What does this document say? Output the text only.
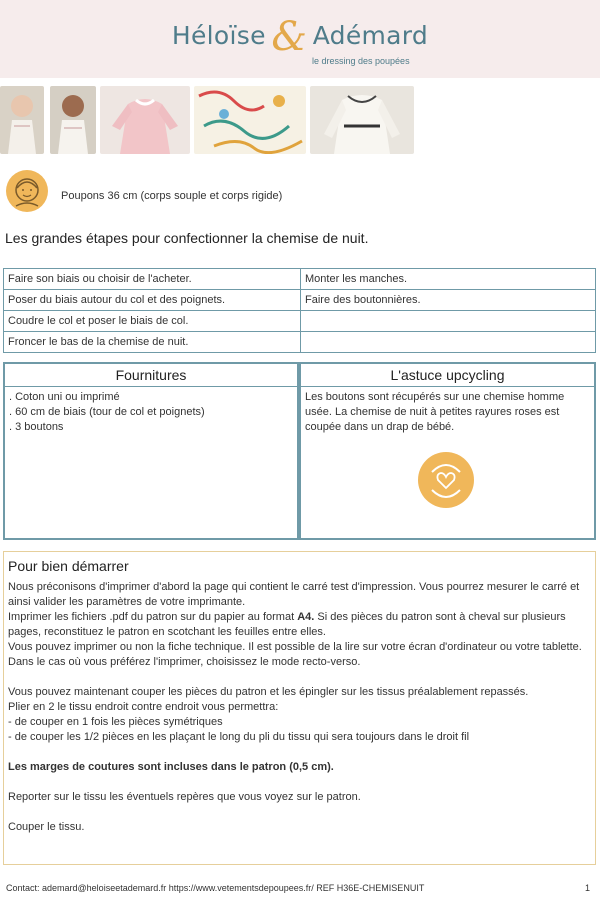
Héloïse & Adémard
le dressing des poupées
Poupons 36 cm (corps souple et corps rigide)
Les grandes étapes pour confectionner la chemise de nuit.
Faire son biais ou choisir de l'acheter.	Monter les manches.
Poser du biais autour du col et des poignets.	Faire des boutonnières.
Coudre le col et poser le biais de col.	
Froncer le bas de la chemise de nuit.	
Fournitures
. Coton uni ou imprimé
. 60 cm de biais (tour de col et poignets)
. 3 boutons
L'astuce upcycling
Les boutons sont récupérés sur une chemise homme usée. La chemise de nuit à petites rayures roses est coupée dans un drap de bébé.
Pour bien démarrer

Nous préconisons d'imprimer d'abord la page qui contient le carré test d'impression. Vous pourrez mesurer le carré et ainsi valider les paramètres de votre imprimante.

Imprimer les fichiers .pdf du patron sur du papier au format A4. Si des pièces du patron sont à cheval sur plusieurs pages, reconstituez le patron en scotchant les feuilles entre elles.

Vous pouvez imprimer ou non la fiche technique. Il est possible de la lire sur votre écran d'ordinateur ou votre tablette. Dans le cas où vous préférez l'imprimer, choisissez le mode recto-verso.

Vous pouvez maintenant couper les pièces du patron et les épingler sur les tissus préalablement repassés.

Plier en 2 le tissu endroit contre endroit vous permettra:

- de couper en 1 fois les pièces symétriques

- de couper les 1/2 pièces en les plaçant le long du pli du tissu qui sera toujours dans le droit fil

Les marges de coutures sont incluses dans le patron (0,5 cm).

Reporter sur le tissu les éventuels repères que vous voyez sur le patron.

Couper le tissu.

Contact: ademard@heloiseetademard.fr https://www.vetementsdepoupees.fr/ REF H36E-CHEMISENUIT	1
